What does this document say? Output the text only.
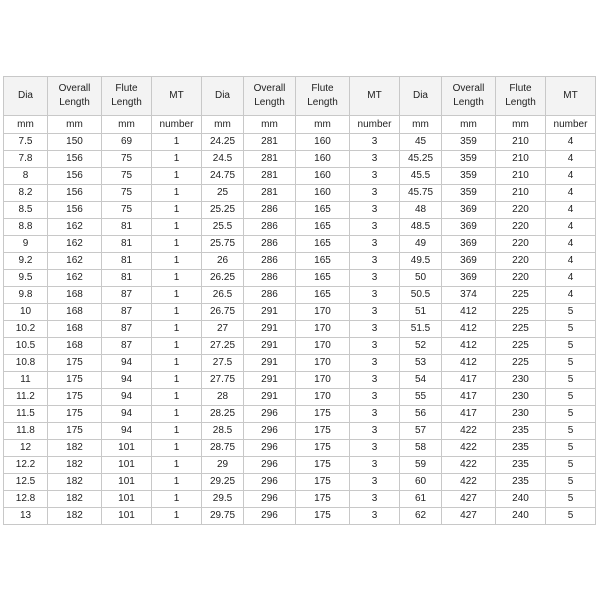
Dia	Overall Length	Flute Length	MT	Dia	Overall Length	Flute Length	MT	Dia	Overall Length	Flute Length	MT
mm	mm	mm	number	mm	mm	mm	number	mm	mm	mm	number
7.5	150	69	1	24.25	281	160	3	45	359	210	4
7.8	156	75	1	24.5	281	160	3	45.25	359	210	4
8	156	75	1	24.75	281	160	3	45.5	359	210	4
8.2	156	75	1	25	281	160	3	45.75	359	210	4
8.5	156	75	1	25.25	286	165	3	48	369	220	4
8.8	162	81	1	25.5	286	165	3	48.5	369	220	4
9	162	81	1	25.75	286	165	3	49	369	220	4
9.2	162	81	1	26	286	165	3	49.5	369	220	4
9.5	162	81	1	26.25	286	165	3	50	369	220	4
9.8	168	87	1	26.5	286	165	3	50.5	374	225	4
10	168	87	1	26.75	291	170	3	51	412	225	5
10.2	168	87	1	27	291	170	3	51.5	412	225	5
10.5	168	87	1	27.25	291	170	3	52	412	225	5
10.8	175	94	1	27.5	291	170	3	53	412	225	5
11	175	94	1	27.75	291	170	3	54	417	230	5
11.2	175	94	1	28	291	170	3	55	417	230	5
11.5	175	94	1	28.25	296	175	3	56	417	230	5
11.8	175	94	1	28.5	296	175	3	57	422	235	5
12	182	101	1	28.75	296	175	3	58	422	235	5
12.2	182	101	1	29	296	175	3	59	422	235	5
12.5	182	101	1	29.25	296	175	3	60	422	235	5
12.8	182	101	1	29.5	296	175	3	61	427	240	5
13	182	101	1	29.75	296	175	3	62	427	240	5
